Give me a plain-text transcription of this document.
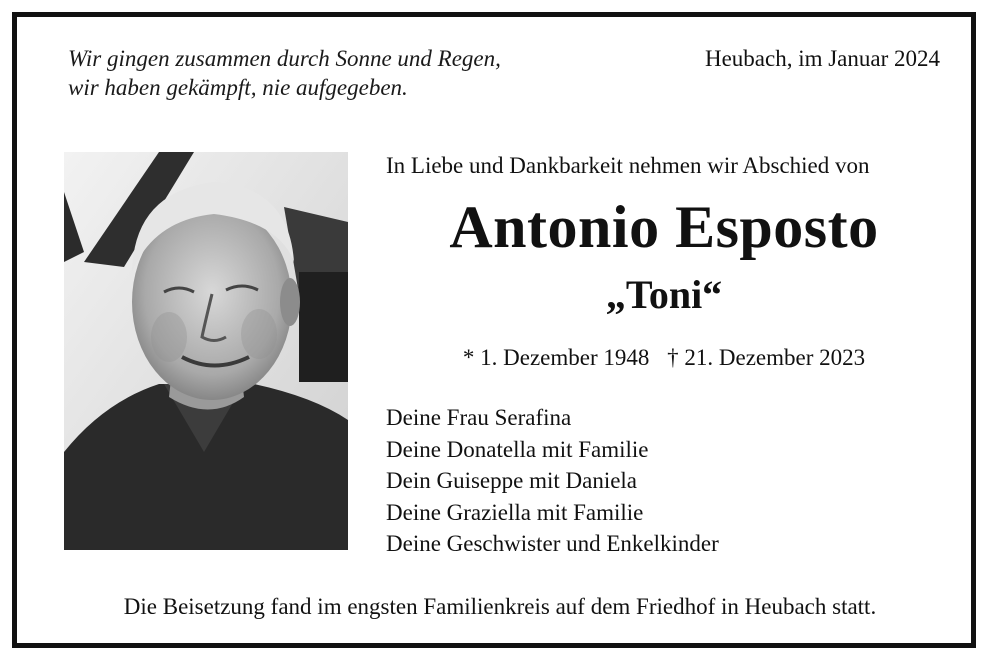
Wir gingen zusammen durch Sonne und Regen,
wir haben gekämpft, nie aufgegeben.
Heubach, im Januar 2024
In Liebe und Dankbarkeit nehmen wir Abschied von
Antonio Esposto
„Toni“
* 1. Dezember 1948 † 21. Dezember 2023
Deine Frau Serafina
Deine Donatella mit Familie
Dein Guiseppe mit Daniela
Deine Graziella mit Familie
Deine Geschwister und Enkelkinder
Die Beisetzung fand im engsten Familienkreis auf dem Friedhof in Heubach statt.
